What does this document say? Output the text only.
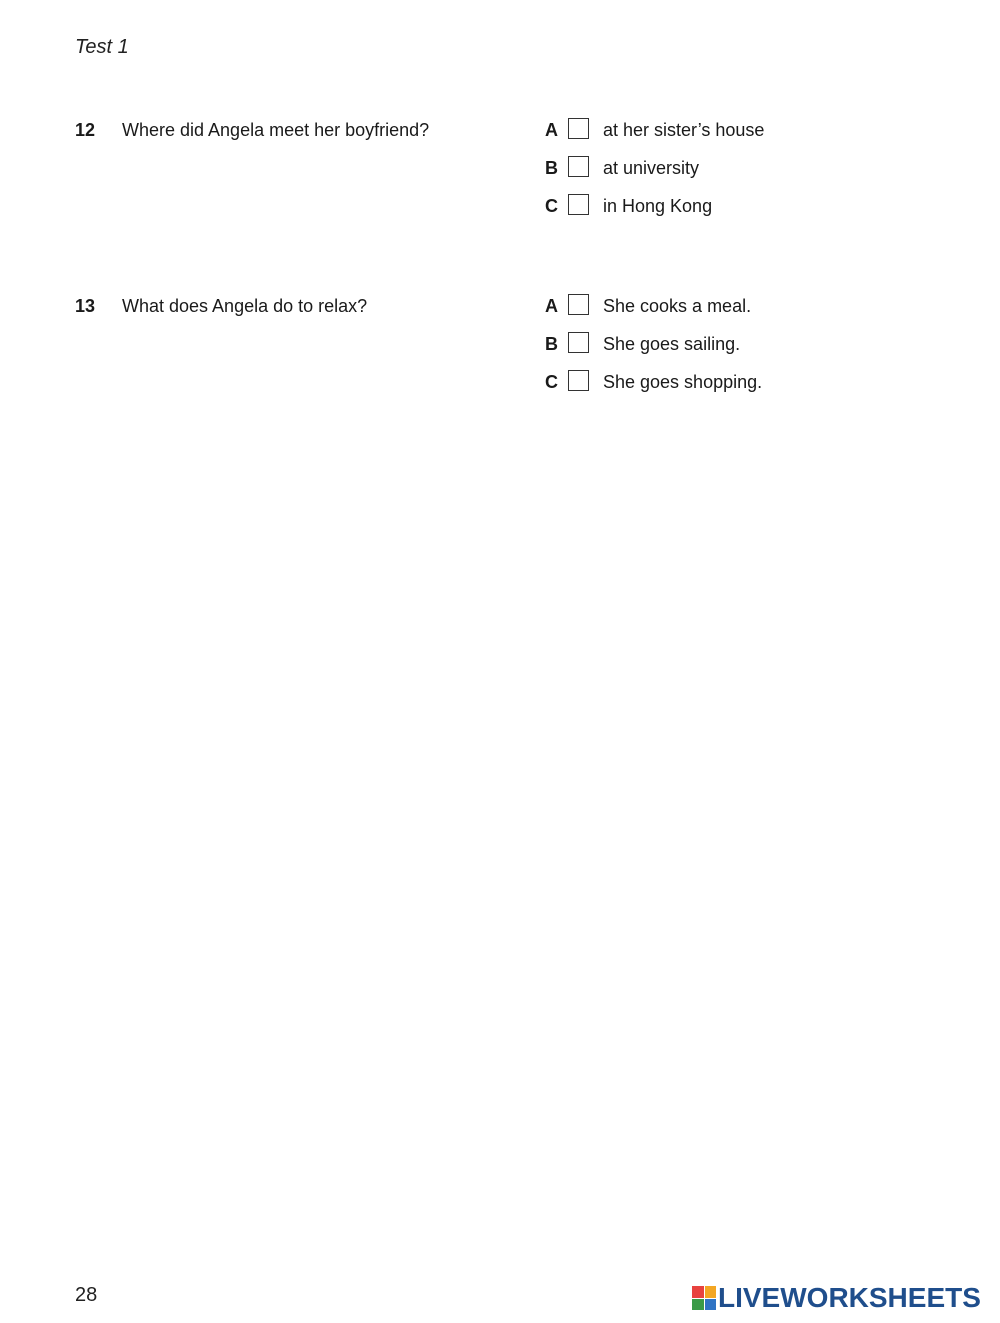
Test 1
12 Where did Angela meet her boyfriend?	A	at her sister’s house
B	at university
C	in Hong Kong
13 What does Angela do to relax?	A	She cooks a meal.
B	She goes sailing.
C	She goes shopping.
28	LIVEWORKSHEETS
